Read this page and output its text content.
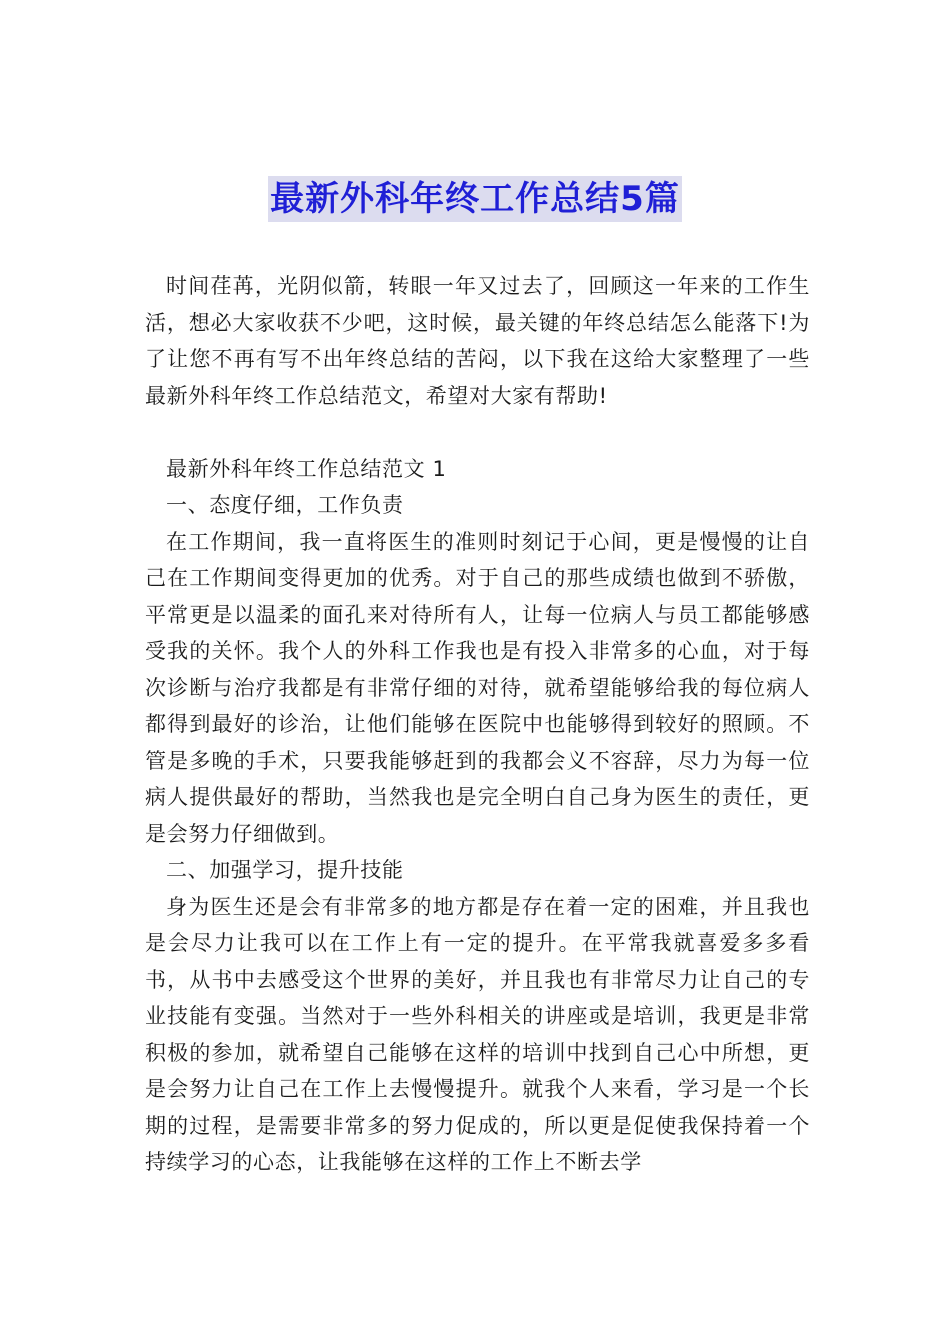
最新外科年终工作总结5篇

时间荏苒，光阴似箭，转眼一年又过去了，回顾这一年来的工作生活，想必大家收获不少吧，这时候，最关键的年终总结怎么能落下!为了让您不再有写不出年终总结的苦闷，以下我在这给大家整理了一些最新外科年终工作总结范文，希望对大家有帮助!

最新外科年终工作总结范文 1

一、态度仔细，工作负责

在工作期间，我一直将医生的准则时刻记于心间，更是慢慢的让自己在工作期间变得更加的优秀。对于自己的那些成绩也做到不骄傲，平常更是以温柔的面孔来对待所有人，让每一位病人与员工都能够感受我的关怀。我个人的外科工作我也是有投入非常多的心血，对于每次诊断与治疗我都是有非常仔细的对待，就希望能够给我的每位病人都得到最好的诊治，让他们能够在医院中也能够得到较好的照顾。不管是多晚的手术，只要我能够赶到的我都会义不容辞，尽力为每一位病人提供最好的帮助，当然我也是完全明白自己身为医生的责任，更是会努力仔细做到。

二、加强学习，提升技能

身为医生还是会有非常多的地方都是存在着一定的困难，并且我也是会尽力让我可以在工作上有一定的提升。在平常我就喜爱多多看书，从书中去感受这个世界的美好，并且我也有非常尽力让自己的专业技能有变强。当然对于一些外科相关的讲座或是培训，我更是非常积极的参加，就希望自己能够在这样的培训中找到自己心中所想，更是会努力让自己在工作上去慢慢提升。就我个人来看，学习是一个长期的过程，是需要非常多的努力促成的，所以更是促使我保持着一个持续学习的心态，让我能够在这样的工作上不断去学
